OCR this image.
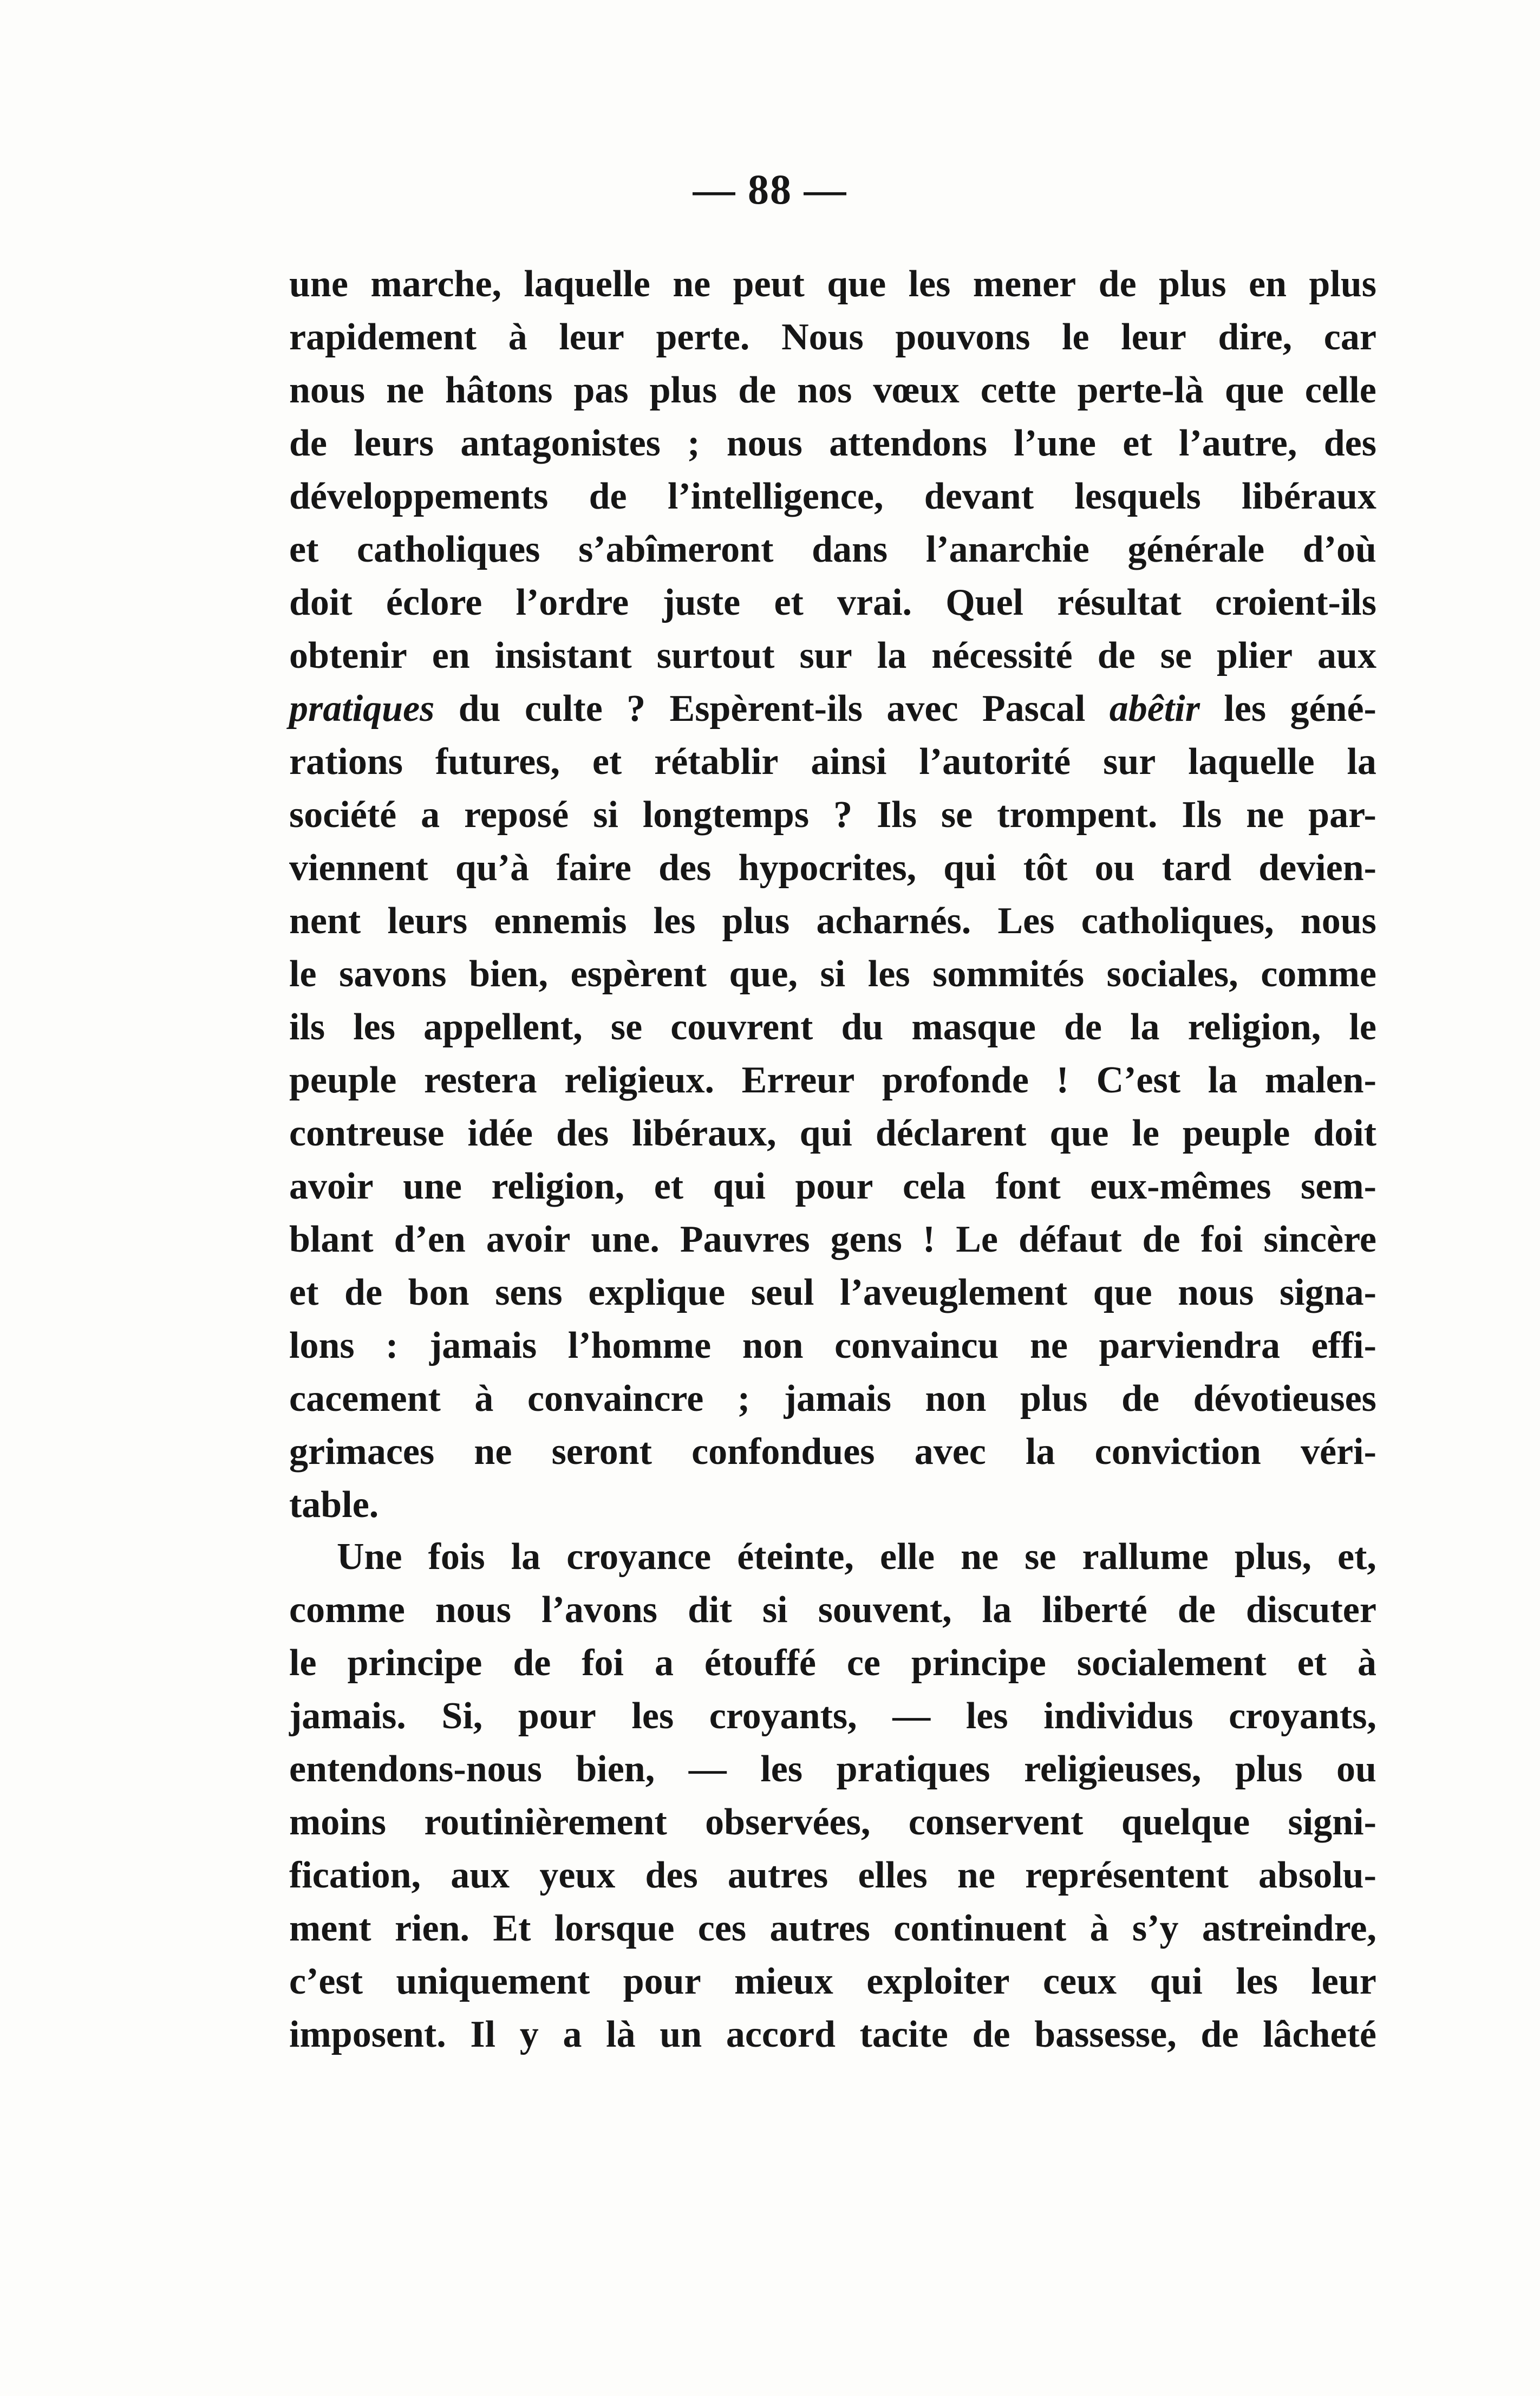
— 88 —
une marche, laquelle ne peut que les mener de plus en plus
rapidement à leur perte. Nous pouvons le leur dire, car
nous ne hâtons pas plus de nos vœux cette perte-là que celle
de leurs antagonistes ; nous attendons l’une et l’autre, des
développements de l’intelligence, devant lesquels libéraux
et catholiques s’abîmeront dans l’anarchie générale d’où
doit éclore l’ordre juste et vrai. Quel résultat croient-ils
obtenir en insistant surtout sur la nécessité de se plier aux
pratiques du culte ? Espèrent-ils avec Pascal abêtir les géné-
rations futures, et rétablir ainsi l’autorité sur laquelle la
société a reposé si longtemps ? Ils se trompent. Ils ne par-
viennent qu’à faire des hypocrites, qui tôt ou tard devien-
nent leurs ennemis les plus acharnés. Les catholiques, nous
le savons bien, espèrent que, si les sommités sociales, comme
ils les appellent, se couvrent du masque de la religion, le
peuple restera religieux. Erreur profonde ! C’est la malen-
contreuse idée des libéraux, qui déclarent que le peuple doit
avoir une religion, et qui pour cela font eux-mêmes sem-
blant d’en avoir une. Pauvres gens ! Le défaut de foi sincère
et de bon sens explique seul l’aveuglement que nous signa-
lons : jamais l’homme non convaincu ne parviendra effi-
cacement à convaincre ; jamais non plus de dévotieuses
grimaces ne seront confondues avec la conviction véri-
table.
Une fois la croyance éteinte, elle ne se rallume plus, et,
comme nous l’avons dit si souvent, la liberté de discuter
le principe de foi a étouffé ce principe socialement et à
jamais. Si, pour les croyants, — les individus croyants,
entendons-nous bien, — les pratiques religieuses, plus ou
moins routinièrement observées, conservent quelque signi-
fication, aux yeux des autres elles ne représentent absolu-
ment rien. Et lorsque ces autres continuent à s’y astreindre,
c’est uniquement pour mieux exploiter ceux qui les leur
imposent. Il y a là un accord tacite de bassesse, de lâcheté
